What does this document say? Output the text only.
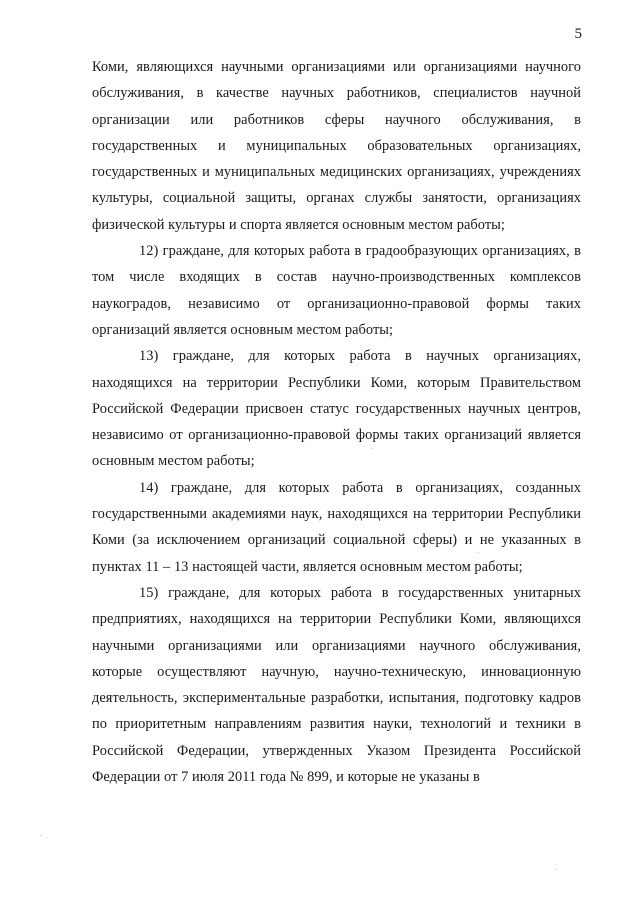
5

Коми, являющихся научными организациями или организациями научного обслуживания, в качестве научных работников, специалистов научной организации или работников сферы научного обслуживания, в государственных и муниципальных образовательных организациях, государственных и муниципальных медицинских организациях, учреждениях культуры, социальной защиты, органах службы занятости, организациях физической культуры и спорта является основным местом работы;

12) граждане, для которых работа в градообразующих организациях, в том числе входящих в состав научно-производственных комплексов наукоградов, независимо от организационно-правовой формы таких организаций является основным местом работы;

13) граждане, для которых работа в научных организациях, находящихся на территории Республики Коми, которым Правительством Российской Федерации присвоен статус государственных научных центров, независимо от организационно-правовой формы таких организаций является основным местом работы;

14) граждане, для которых работа в организациях, созданных государственными академиями наук, находящихся на территории Республики Коми (за исключением организаций социальной сферы) и не указанных в пунктах 11 – 13 настоящей части, является основным местом работы;

15) граждане, для которых работа в государственных унитарных предприятиях, находящихся на территории Республики Коми, являющихся научными организациями или организациями научного обслуживания, которые осуществляют научную, научно-техническую, инновационную деятельность, экспериментальные разработки, испытания, подготовку кадров по приоритетным направлениям развития науки, технологий и техники в Российской Федерации, утвержденных Указом Президента Российской Федерации от 7 июля 2011 года № 899, и которые не указаны в
